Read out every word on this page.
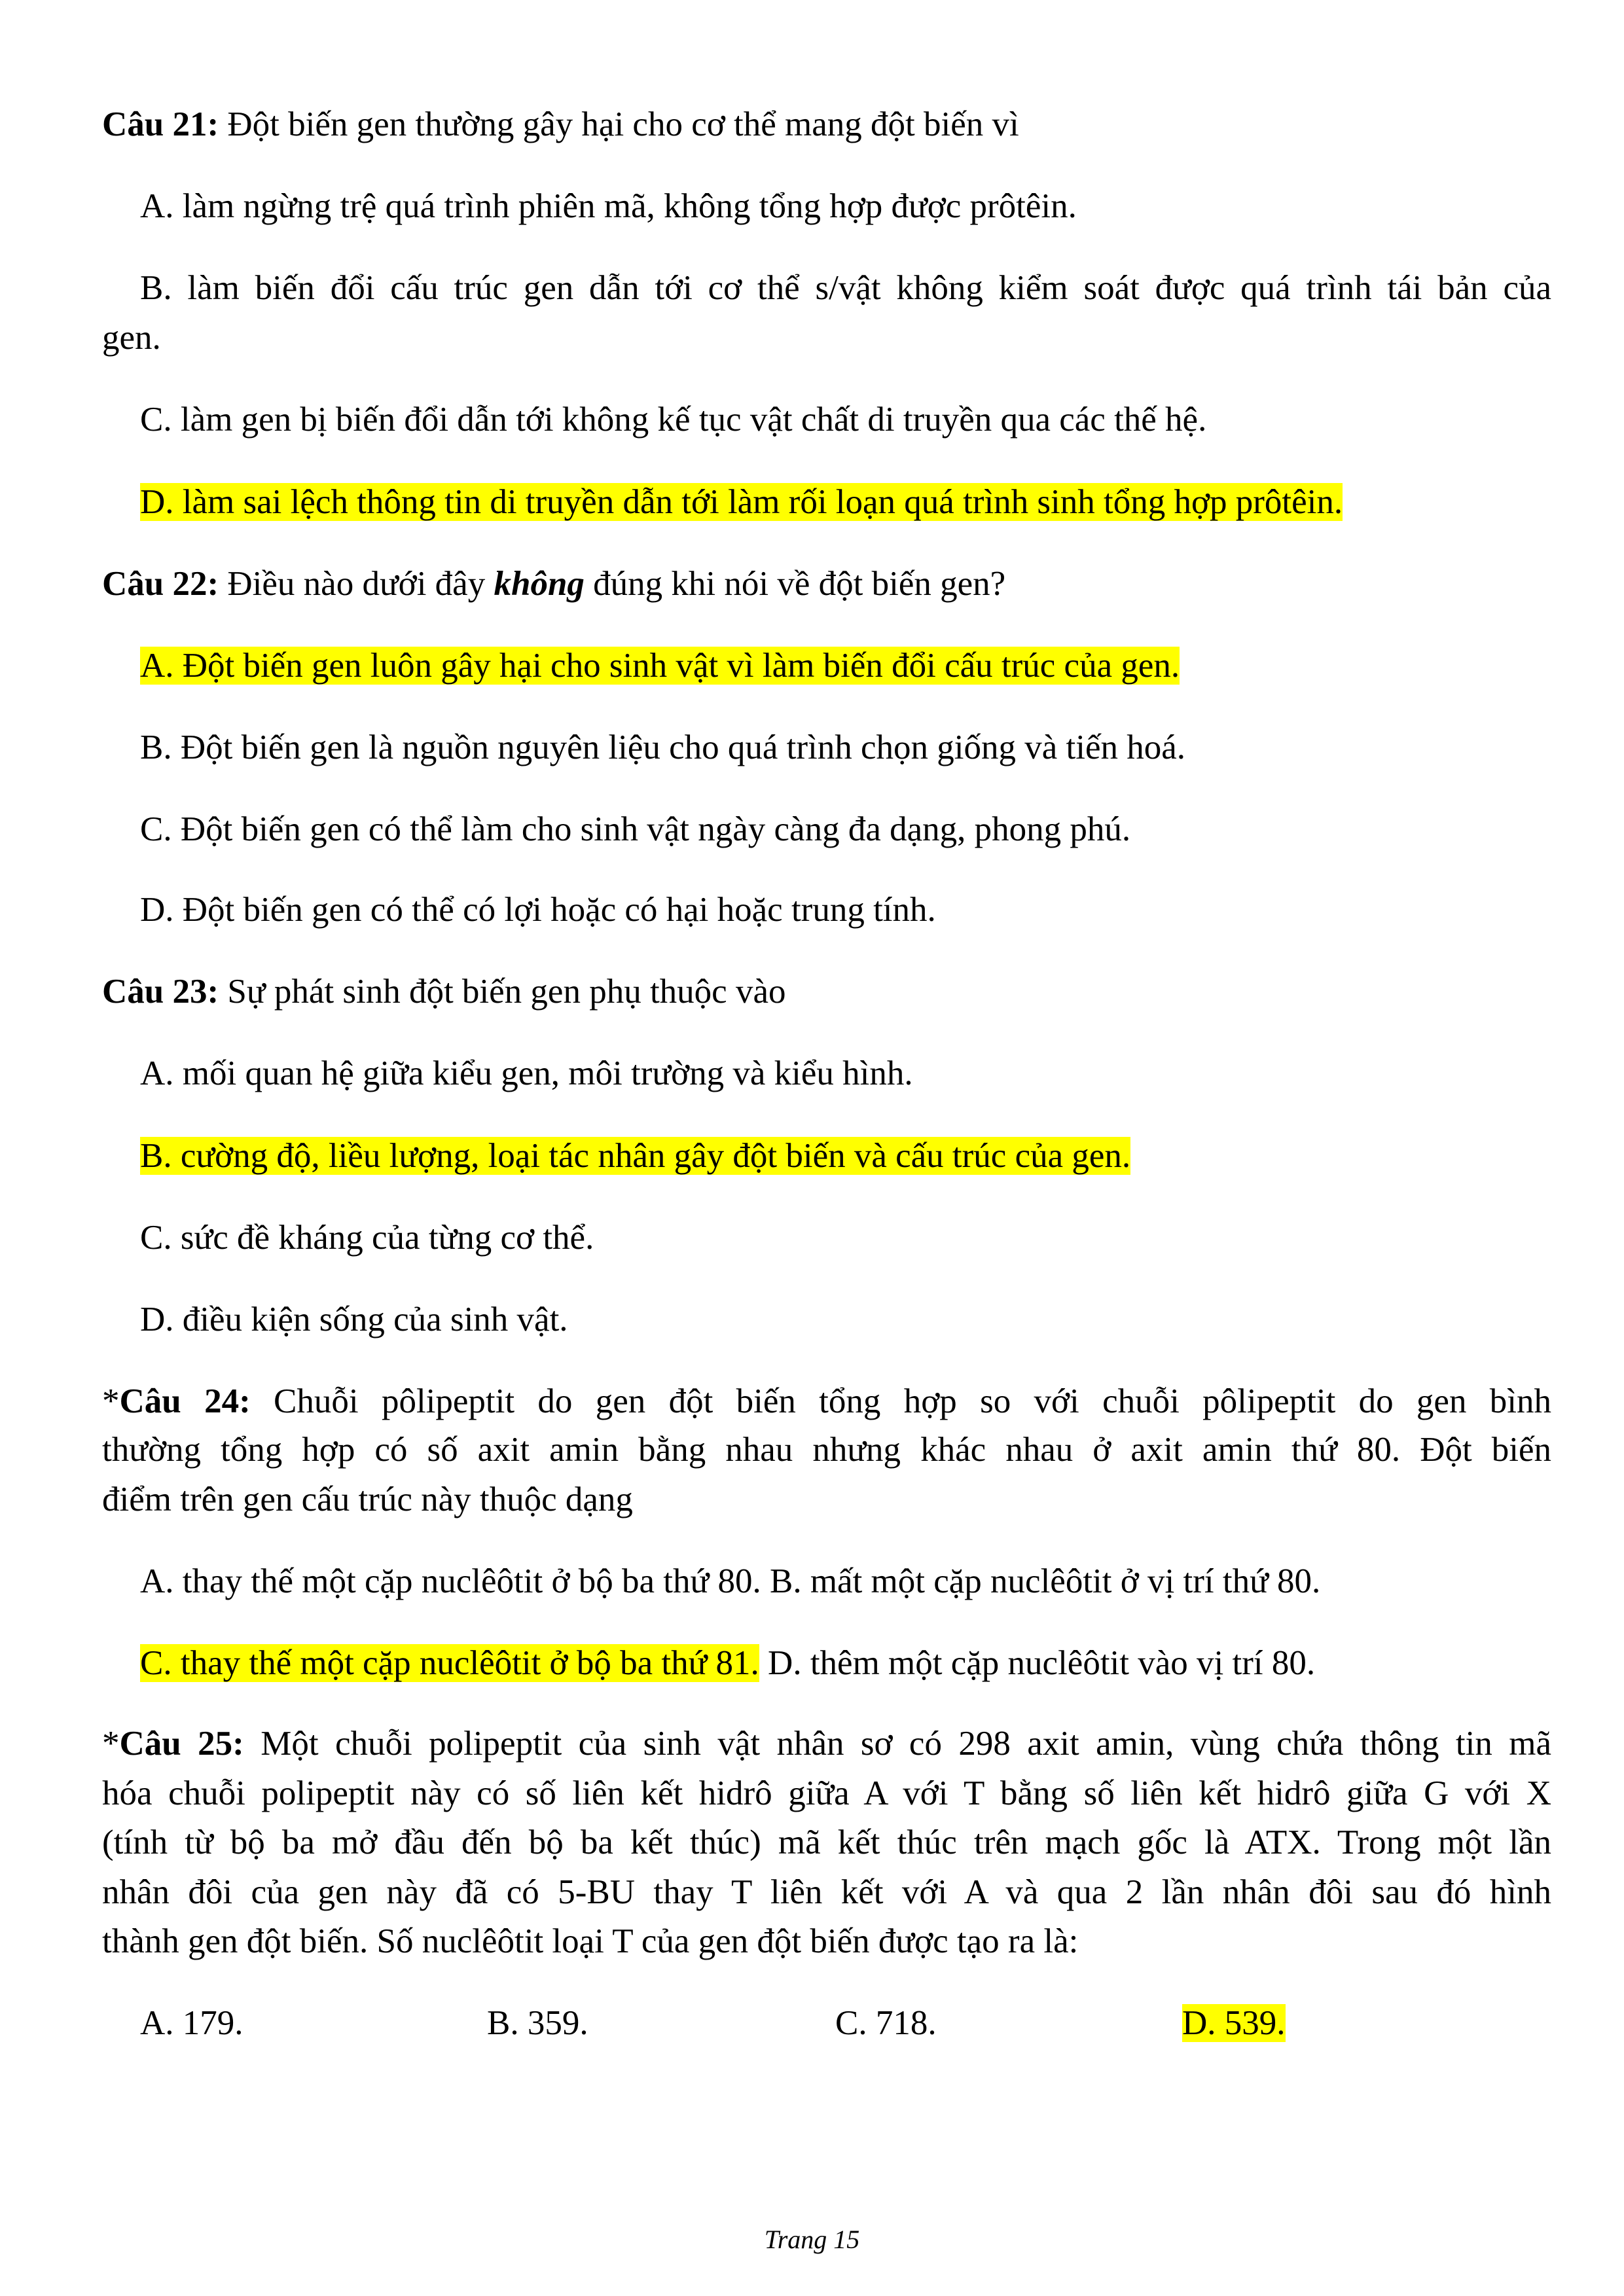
Câu 21: Đột biến gen thường gây hại cho cơ thể mang đột biến vì
A. làm ngừng trệ quá trình phiên mã, không tổng hợp được prôtêin.
B. làm biến đổi cấu trúc gen dẫn tới cơ thể s/vật không kiểm soát được quá trình tái bản của
gen.
C. làm gen bị biến đổi dẫn tới không kế tục vật chất di truyền qua các thế hệ.
D. làm sai lệch thông tin di truyền dẫn tới làm rối loạn quá trình sinh tổng hợp prôtêin.
Câu 22: Điều nào dưới đây không đúng khi nói về đột biến gen?
A. Đột biến gen luôn gây hại cho sinh vật vì làm biến đổi cấu trúc của gen.
B. Đột biến gen là nguồn nguyên liệu cho quá trình chọn giống và tiến hoá.
C. Đột biến gen có thể làm cho sinh vật ngày càng đa dạng, phong phú.
D. Đột biến gen có thể có lợi hoặc có hại hoặc trung tính.
Câu 23: Sự phát sinh đột biến gen phụ thuộc vào
A. mối quan hệ giữa kiểu gen, môi trường và kiểu hình.
B. cường độ, liều lượng, loại tác nhân gây đột biến và cấu trúc của gen.
C. sức đề kháng của từng cơ thể.
D. điều kiện sống của sinh vật.
*Câu 24: Chuỗi pôlipeptit do gen đột biến tổng hợp so với chuỗi pôlipeptit do gen bình
thường tổng hợp có số axit amin bằng nhau nhưng khác nhau ở axit amin thứ 80. Đột biến
điểm trên gen cấu trúc này thuộc dạng
A. thay thế một cặp nuclêôtit ở bộ ba thứ 80. B. mất một cặp nuclêôtit ở vị trí thứ 80.
C. thay thế một cặp nuclêôtit ở bộ ba thứ 81. D. thêm một cặp nuclêôtit vào vị trí 80.
*Câu 25: Một chuỗi polipeptit của sinh vật nhân sơ có 298 axit amin, vùng chứa thông tin mã
hóa chuỗi polipeptit này có số liên kết hidrô giữa A với T bằng số liên kết hidrô giữa G với X
(tính từ bộ ba mở đầu đến bộ ba kết thúc) mã kết thúc trên mạch gốc là ATX. Trong một lần
nhân đôi của gen này đã có 5-BU thay T liên kết với A và qua 2 lần nhân đôi sau đó hình
thành gen đột biến. Số nuclêôtit loại T của gen đột biến được tạo ra là:
A. 179.	B. 359.	C. 718.	D. 539.
Trang 15
